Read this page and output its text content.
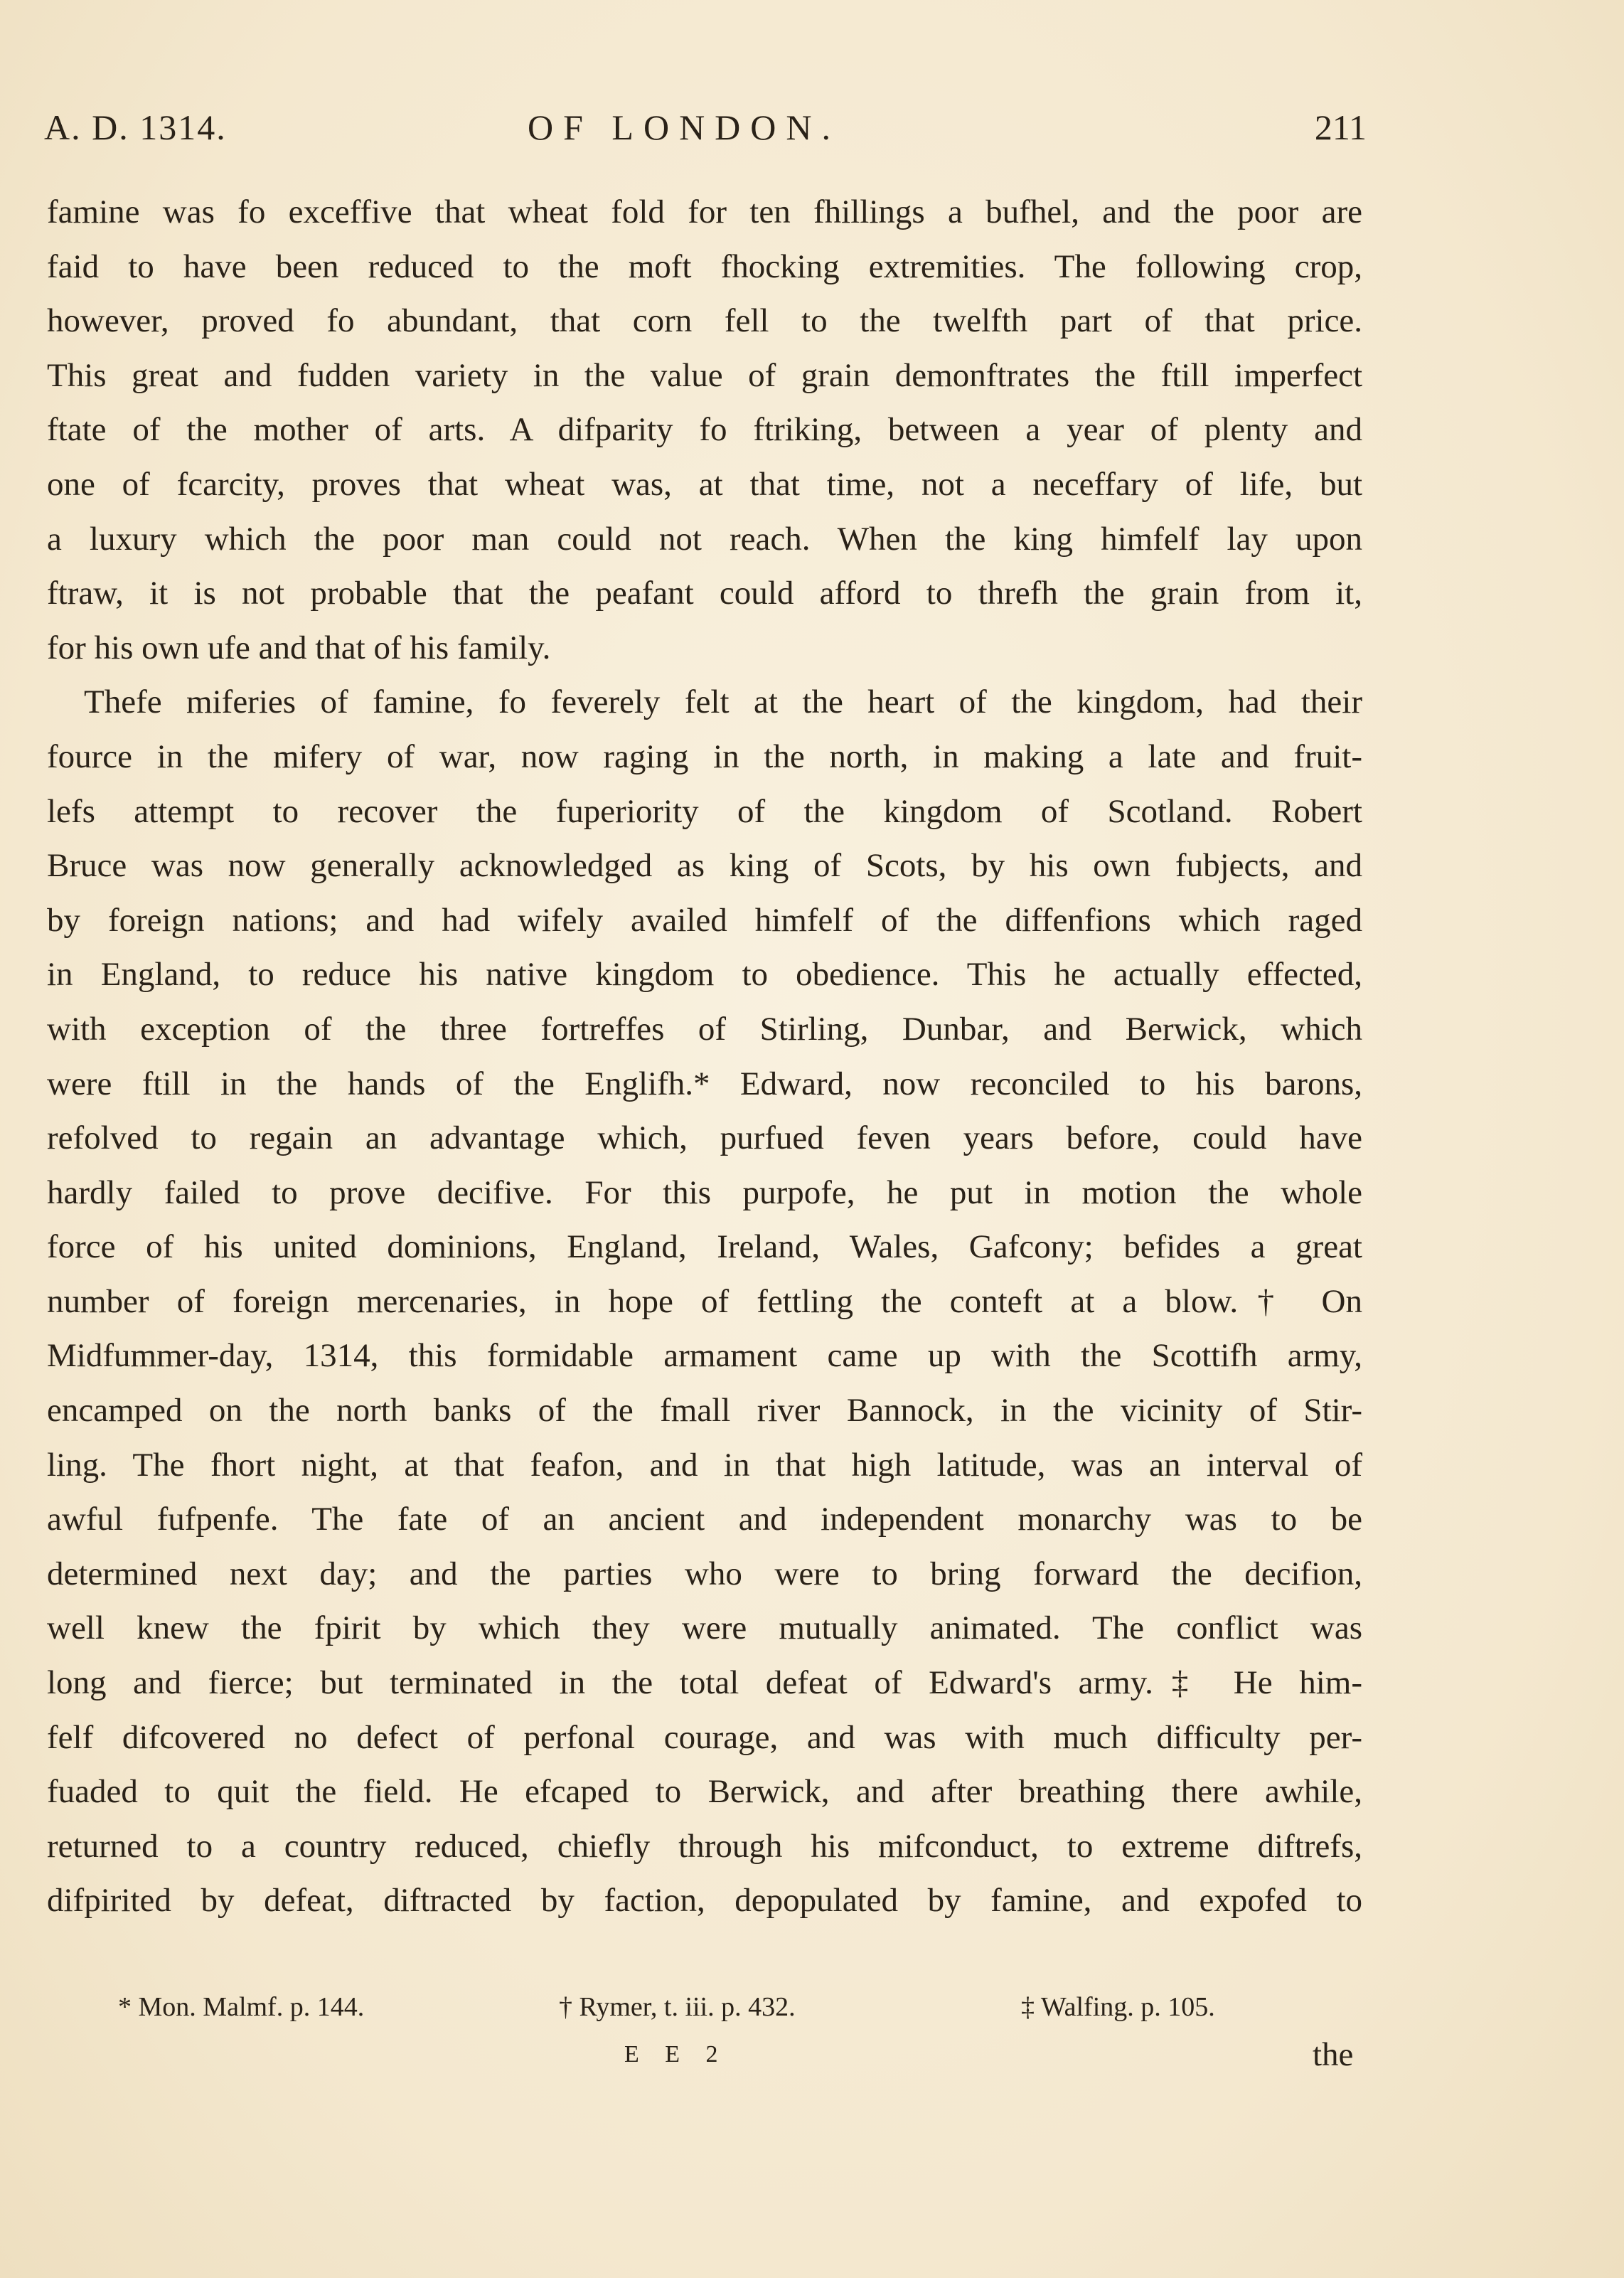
A. D. 1314.	OF LONDON.	211
famine was fo exceffive that wheat fold for ten fhillings a bufhel, and the poor are
faid to have been reduced to the moft fhocking extremities. The following crop,
however, proved fo abundant, that corn fell to the twelfth part of that price.
This great and fudden variety in the value of grain demonftrates the ftill imperfect
ftate of the mother of arts. A difparity fo ftriking, between a year of plenty and
one of fcarcity, proves that wheat was, at that time, not a neceffary of life, but
a luxury which the poor man could not reach. When the king himfelf lay upon
ftraw, it is not probable that the peafant could afford to threfh the grain from it,
for his own ufe and that of his family.
Thefe miferies of famine, fo feverely felt at the heart of the kingdom, had their
fource in the mifery of war, now raging in the north, in making a late and fruit-
lefs attempt to recover the fuperiority of the kingdom of Scotland. Robert
Bruce was now generally acknowledged as king of Scots, by his own fubjects, and
by foreign nations; and had wifely availed himfelf of the diffenfions which raged
in England, to reduce his native kingdom to obedience. This he actually effected,
with exception of the three fortreffes of Stirling, Dunbar, and Berwick, which
were ftill in the hands of the Englifh.* Edward, now reconciled to his barons,
refolved to regain an advantage which, purfued feven years before, could have
hardly failed to prove decifive. For this purpofe, he put in motion the whole
force of his united dominions, England, Ireland, Wales, Gafcony; befides a great
number of foreign mercenaries, in hope of fettling the conteft at a blow.† On
Midfummer-day, 1314, this formidable armament came up with the Scottifh army,
encamped on the north banks of the fmall river Bannock, in the vicinity of Stir-
ling. The fhort night, at that feafon, and in that high latitude, was an interval of
awful fufpenfe. The fate of an ancient and independent monarchy was to be
determined next day; and the parties who were to bring forward the decifion,
well knew the fpirit by which they were mutually animated. The conflict was
long and fierce; but terminated in the total defeat of Edward's army.‡ He him-
felf difcovered no defect of perfonal courage, and was with much difficulty per-
fuaded to quit the field. He efcaped to Berwick, and after breathing there awhile,
returned to a country reduced, chiefly through his mifconduct, to extreme diftrefs,
difpirited by defeat, diftracted by faction, depopulated by famine, and expofed to
* Mon. Malmf. p. 144.	† Rymer, t. iii. p. 432.	‡ Walfing. p. 105.
E E 2	the
